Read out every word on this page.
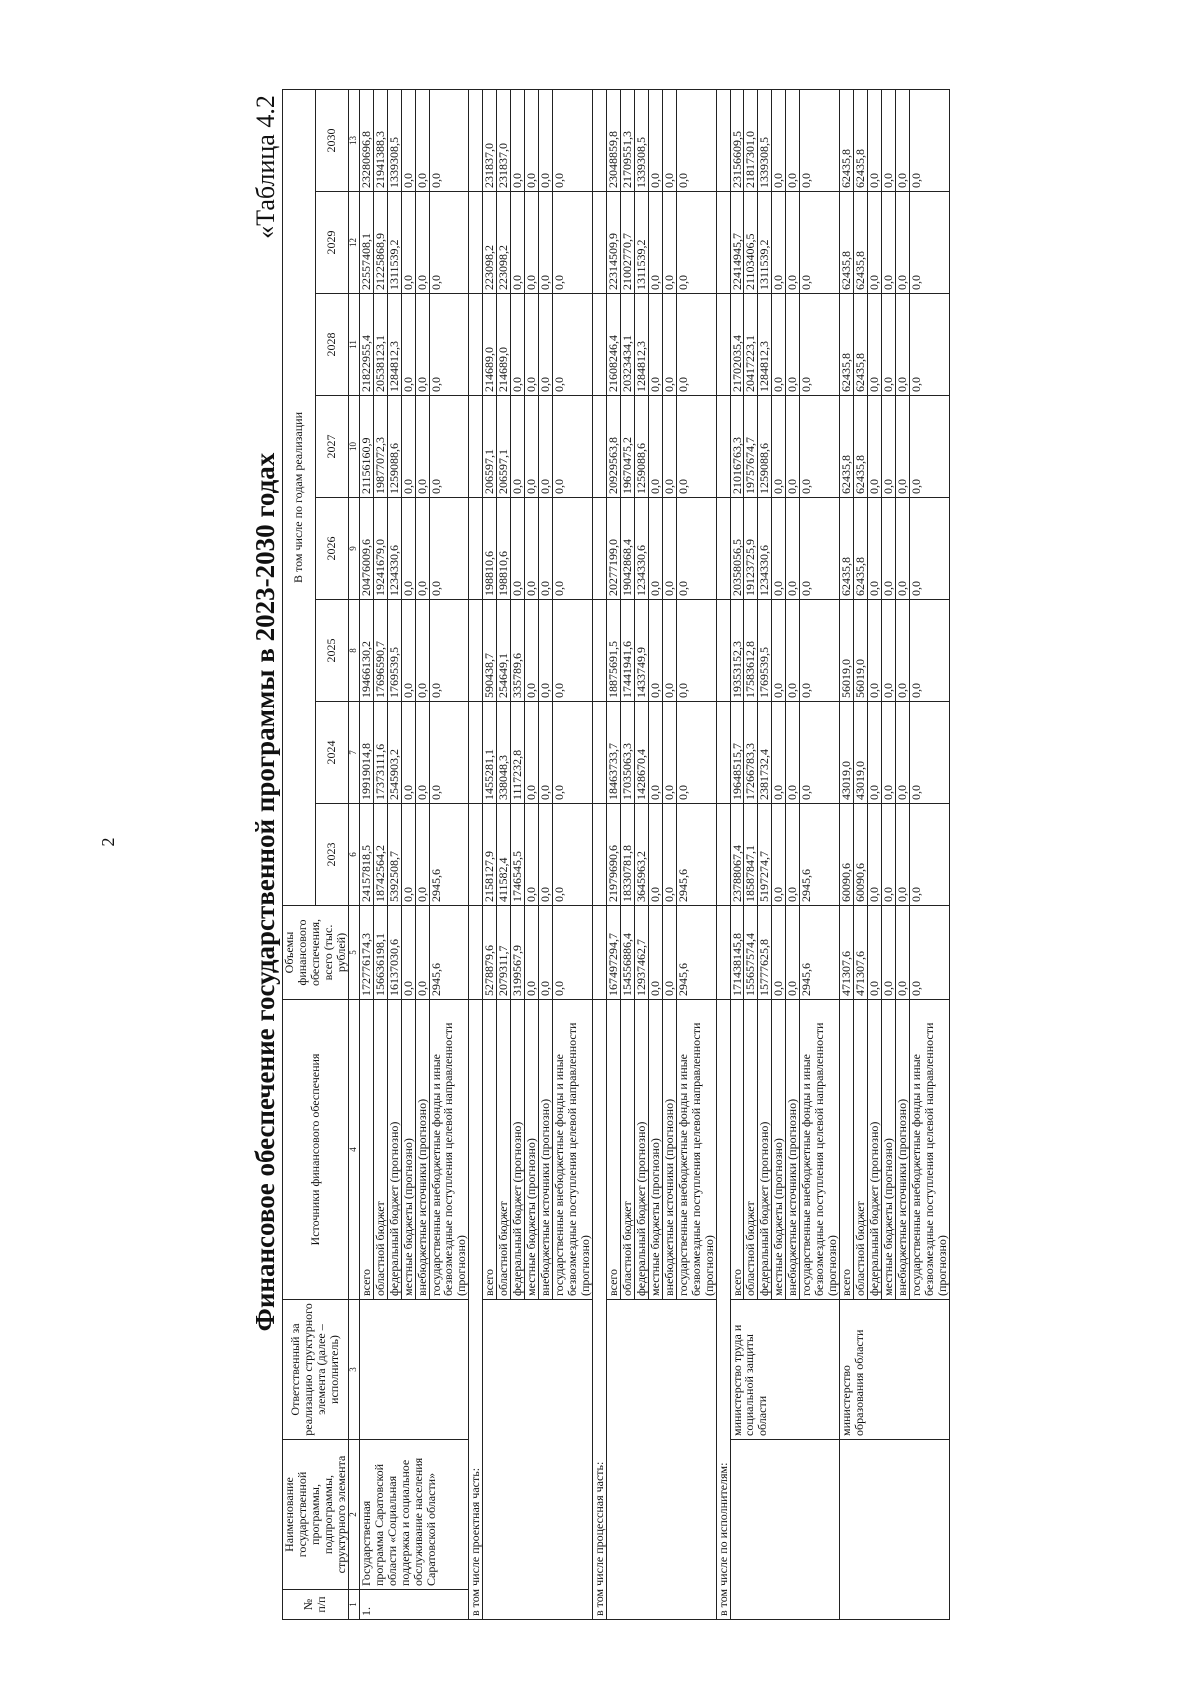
2
«Таблица 4.2
Финансовое обеспечение государственной программы в 2023-2030 годах
№ п/п	Наименование государственной программы, подпрограммы, структурного элемента	Ответственный за реализацию структурного элемента (далее – исполнитель)	Источники финансового обеспечения	Объемы финансового обеспечения, всего (тыс. рублей)	В том числе по годам реализации							
					2023	2024	2025	2026	2027	2028	2029	2030
1	2	3	4	5	6	7	8	9	10	11	12	13
1.	Государственная программа Саратовской области «Социальная поддержка и социальное обслуживание населения Саратовской области»		всего	172776174,3	24157818,5	19919014,8	19466130,2	20476009,6	21156160,9	21822955,4	22557408,1	23280696,8
			областной бюджет	156636198,1	18742564,2	17373111,6	17696590,7	19241679,0	19877072,3	20538123,1	21225868,9	21941388,3
			федеральный бюджет (прогнозно)	16137030,6	5392508,7	2545903,2	1769539,5	1234330,6	1259088,6	1284812,3	1311539,2	1339308,5
			местные бюджеты (прогнозно)	0,0	0,0	0,0	0,0	0,0	0,0	0,0	0,0	0,0
			внебюджетные источники (прогнозно)	0,0	0,0	0,0	0,0	0,0	0,0	0,0	0,0	0,0
			государственные внебюджетные фонды и иные безвозмездные поступления целевой направленности (прогнозно)	2945,6	2945,6	0,0	0,0	0,0	0,0	0,0	0,0	0,0
в том числе проектная часть:												
			всего	5278879,6	2158127,9	1455281,1	590438,7	198810,6	206597,1	214689,0	223098,2	231837,0
			областной бюджет	2079311,7	411582,4	338048,3	254649,1	198810,6	206597,1	214689,0	223098,2	231837,0
			федеральный бюджет (прогнозно)	3199567,9	1746545,5	1117232,8	335789,6	0,0	0,0	0,0	0,0	0,0
			местные бюджеты (прогнозно)	0,0	0,0	0,0	0,0	0,0	0,0	0,0	0,0	0,0
			внебюджетные источники (прогнозно)	0,0	0,0	0,0	0,0	0,0	0,0	0,0	0,0	0,0
			государственные внебюджетные фонды и иные безвозмездные поступления целевой направленности (прогнозно)	0,0	0,0	0,0	0,0	0,0	0,0	0,0	0,0	0,0
в том числе процессная часть:												
			всего	167497294,7	21979690,6	18463733,7	18875691,5	20277199,0	20929563,8	21608246,4	22314509,9	23048859,8
			областной бюджет	154556886,4	18330781,8	17035063,3	17441941,6	19042868,4	19670475,2	20323434,1	21002770,7	21709551,3
			федеральный бюджет (прогнозно)	12937462,7	3645963,2	1428670,4	1433749,9	1234330,6	1259088,6	1284812,3	1311539,2	1339308,5
			местные бюджеты (прогнозно)	0,0	0,0	0,0	0,0	0,0	0,0	0,0	0,0	0,0
			внебюджетные источники (прогнозно)	0,0	0,0	0,0	0,0	0,0	0,0	0,0	0,0	0,0
			государственные внебюджетные фонды и иные безвозмездные поступления целевой направленности (прогнозно)	2945,6	2945,6	0,0	0,0	0,0	0,0	0,0	0,0	0,0
в том числе по исполнителям:												
		министерство труда и социальной защиты области	всего	171438145,8	23788067,4	19648515,7	19353152,3	20358056,5	21016763,3	21702035,4	22414945,7	23156609,5
			областной бюджет	155657574,4	18587847,1	17266783,3	17583612,8	19123725,9	19757674,7	20417223,1	21103406,5	21817301,0
			федеральный бюджет (прогнозно)	15777625,8	5197274,7	2381732,4	1769539,5	1234330,6	1259088,6	1284812,3	1311539,2	1339308,5
			местные бюджеты (прогнозно)	0,0	0,0	0,0	0,0	0,0	0,0	0,0	0,0	0,0
			внебюджетные источники (прогнозно)	0,0	0,0	0,0	0,0	0,0	0,0	0,0	0,0	0,0
			государственные внебюджетные фонды и иные безвозмездные поступления целевой направленности (прогнозно)	2945,6	2945,6	0,0	0,0	0,0	0,0	0,0	0,0	0,0
		министерство образования области	всего	471307,6	60090,6	43019,0	56019,0	62435,8	62435,8	62435,8	62435,8	62435,8
			областной бюджет	471307,6	60090,6	43019,0	56019,0	62435,8	62435,8	62435,8	62435,8	62435,8
			федеральный бюджет (прогнозно)	0,0	0,0	0,0	0,0	0,0	0,0	0,0	0,0	0,0
			местные бюджеты (прогнозно)	0,0	0,0	0,0	0,0	0,0	0,0	0,0	0,0	0,0
			внебюджетные источники (прогнозно)	0,0	0,0	0,0	0,0	0,0	0,0	0,0	0,0	0,0
			государственные внебюджетные фонды и иные безвозмездные поступления целевой направленности (прогнозно)	0,0	0,0	0,0	0,0	0,0	0,0	0,0	0,0	0,0
